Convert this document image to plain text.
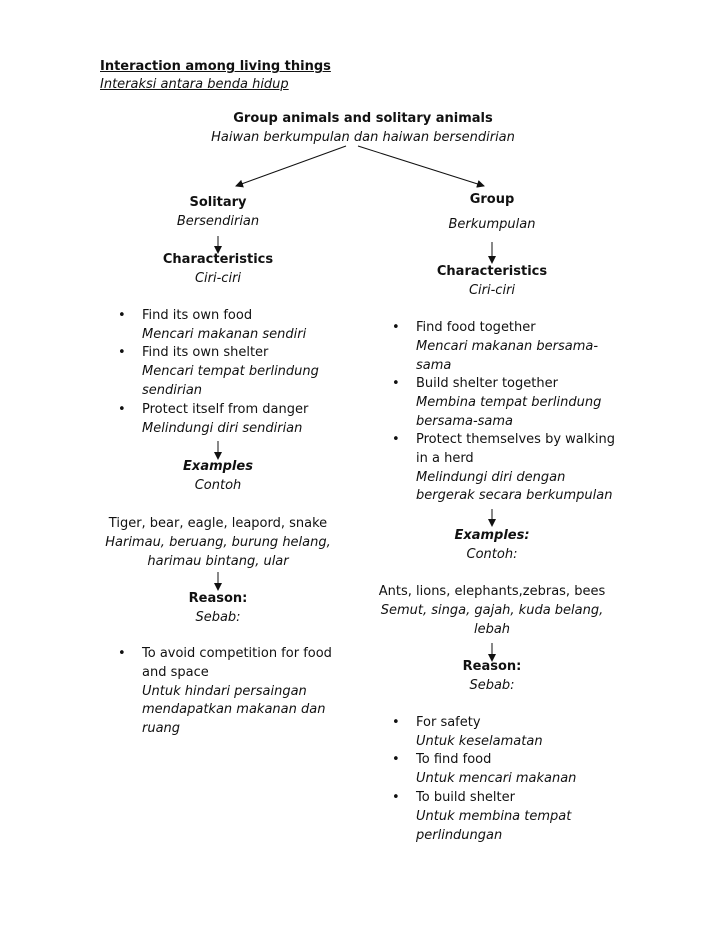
Interaction among living things
Interaksi antara benda hidup
Group animals and solitary animals
Haiwan berkumpulan dan haiwan bersendirian
Solitary
Bersendirian
Characteristics
Ciri-ciri
• Find its own food
Mencari makanan sendiri
• Find its own shelter
Mencari tempat berlindung
sendirian
• Protect itself from danger
Melindungi diri sendirian
Examples
Contoh
Tiger, bear, eagle, leapord, snake
Harimau, beruang, burung helang,
harimau bintang, ular
Reason:
Sebab:
• To avoid competition for food
and space
Untuk hindari persaingan
mendapatkan makanan dan
ruang
Group
Berkumpulan
Characteristics
Ciri-ciri
• Find food together
Mencari makanan bersama-
sama
• Build shelter together
Membina tempat berlindung
bersama-sama
• Protect themselves by walking
in a herd
Melindungi diri dengan
bergerak secara berkumpulan
Examples:
Contoh:
Ants, lions, elephants,zebras, bees
Semut, singa, gajah, kuda belang,
lebah
Reason:
Sebab:
• For safety
Untuk keselamatan
• To find food
Untuk mencari makanan
• To build shelter
Untuk membina tempat
perlindungan
